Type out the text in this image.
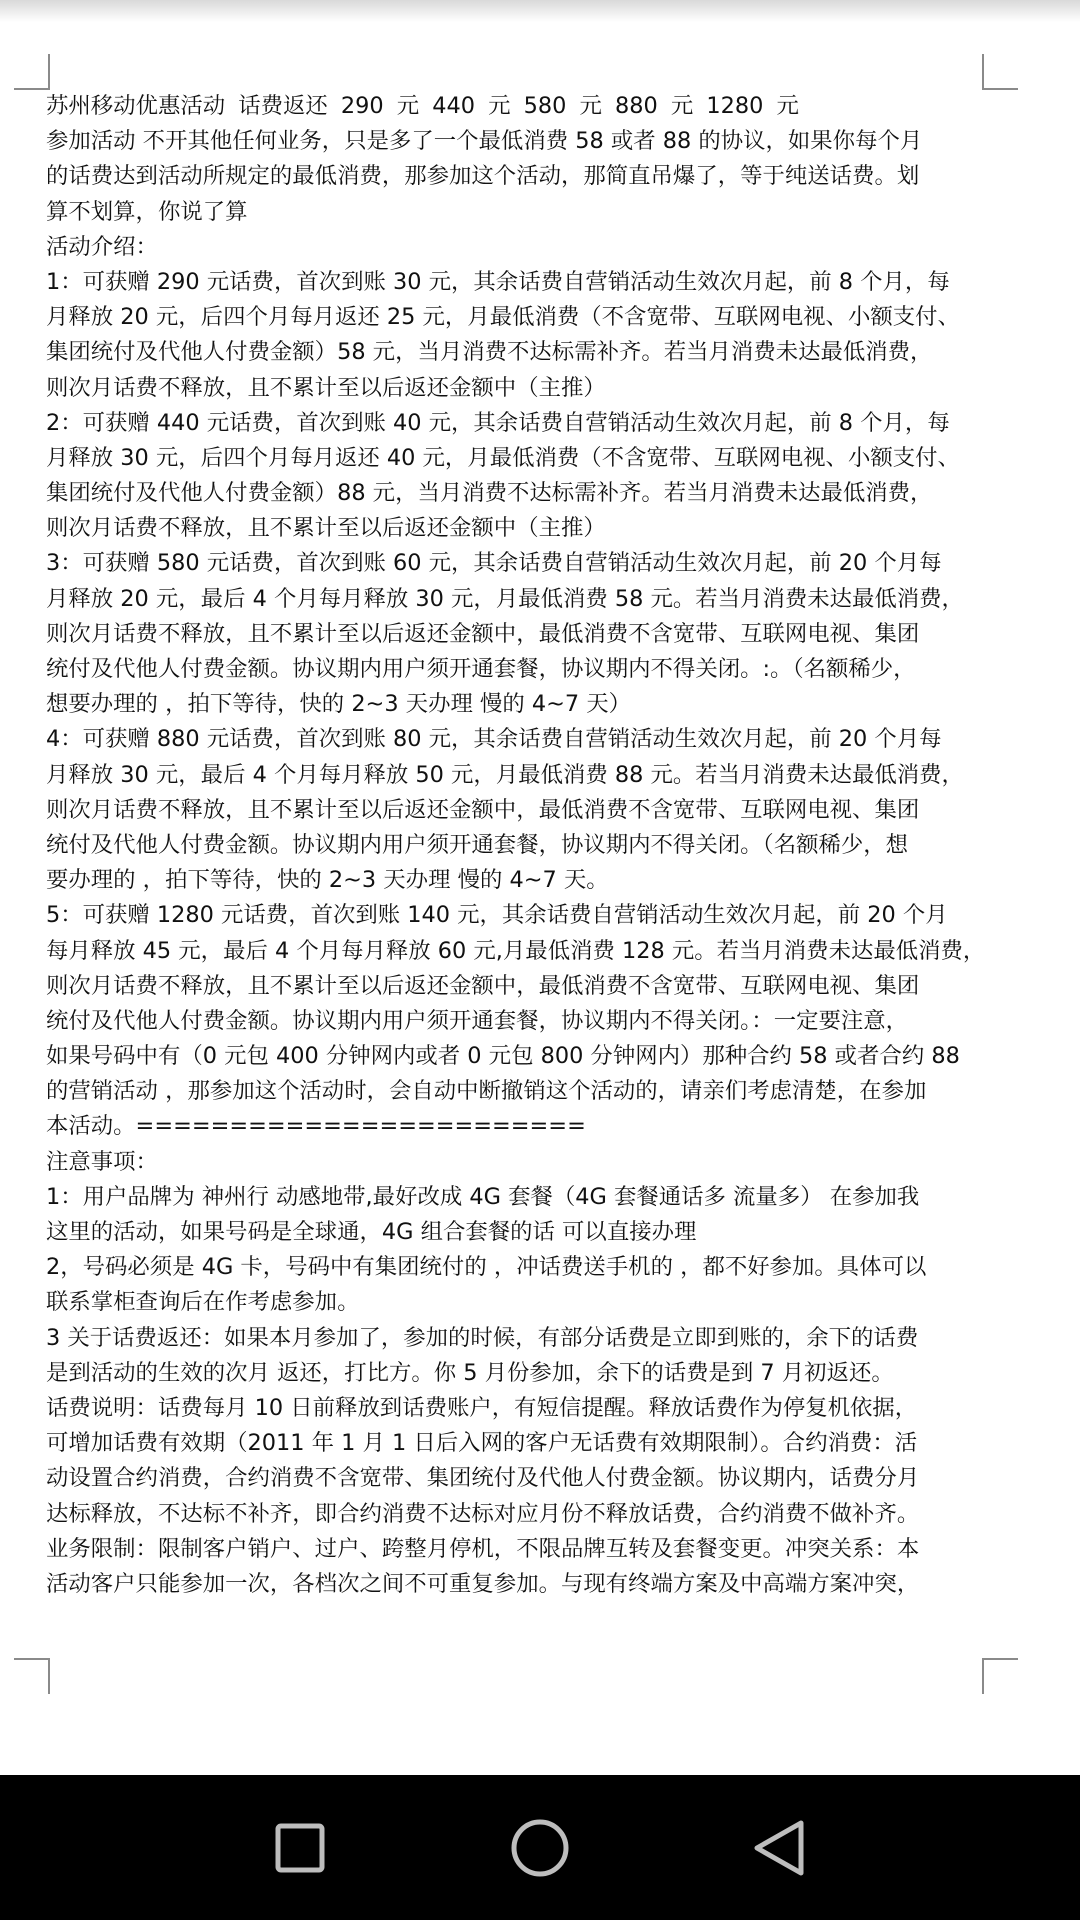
苏州移动优惠活动 话费返还 290 元 440 元 580 元 880 元 1280 元
参加活动 不开其他任何业务，只是多了一个最低消费 58 或者 88 的协议，如果你每个月
的话费达到活动所规定的最低消费，那参加这个活动，那简直吊爆了，等于纯送话费。划
算不划算，你说了算
活动介绍：
1：可获赠 290 元话费，首次到账 30 元，其余话费自营销活动生效次月起，前 8 个月，每
月释放 20 元，后四个月每月返还 25 元，月最低消费（不含宽带、互联网电视、小额支付、
集团统付及代他人付费金额）58 元，当月消费不达标需补齐。若当月消费未达最低消费，
则次月话费不释放，且不累计至以后返还金额中（主推）
2：可获赠 440 元话费，首次到账 40 元，其余话费自营销活动生效次月起，前 8 个月，每
月释放 30 元，后四个月每月返还 40 元，月最低消费（不含宽带、互联网电视、小额支付、
集团统付及代他人付费金额）88 元，当月消费不达标需补齐。若当月消费未达最低消费，
则次月话费不释放，且不累计至以后返还金额中（主推）
3：可获赠 580 元话费，首次到账 60 元，其余话费自营销活动生效次月起，前 20 个月每
月释放 20 元，最后 4 个月每月释放 30 元，月最低消费 58 元。若当月消费未达最低消费，
则次月话费不释放，且不累计至以后返还金额中，最低消费不含宽带、互联网电视、集团
统付及代他人付费金额。协议期内用户须开通套餐，协议期内不得关闭。:。（名额稀少，
想要办理的 ，拍下等待，快的 2~3 天办理 慢的 4~7 天）
4：可获赠 880 元话费，首次到账 80 元，其余话费自营销活动生效次月起，前 20 个月每
月释放 30 元，最后 4 个月每月释放 50 元，月最低消费 88 元。若当月消费未达最低消费，
则次月话费不释放，且不累计至以后返还金额中，最低消费不含宽带、互联网电视、集团
统付及代他人付费金额。协议期内用户须开通套餐，协议期内不得关闭。（名额稀少，想
要办理的 ，拍下等待，快的 2~3 天办理 慢的 4~7 天。
5：可获赠 1280 元话费，首次到账 140 元，其余话费自营销活动生效次月起，前 20 个月
每月释放 45 元，最后 4 个月每月释放 60 元,月最低消费 128 元。若当月消费未达最低消费，
则次月话费不释放，且不累计至以后返还金额中，最低消费不含宽带、互联网电视、集团
统付及代他人付费金额。协议期内用户须开通套餐，协议期内不得关闭。：一定要注意，
如果号码中有（0 元包 400 分钟网内或者 0 元包 800 分钟网内）那种合约 58 或者合约 88
的营销活动 ，那参加这个活动时，会自动中断撤销这个活动的，请亲们考虑清楚，在参加
本活动。========================
注意事项：
1：用户品牌为 神州行 动感地带,最好改成 4G 套餐（4G 套餐通话多 流量多） 在参加我
这里的活动，如果号码是全球通，4G 组合套餐的话 可以直接办理
2，号码必须是 4G 卡，号码中有集团统付的 ，冲话费送手机的 ，都不好参加。具体可以
联系掌柜查询后在作考虑参加。
3 关于话费返还：如果本月参加了，参加的时候，有部分话费是立即到账的，余下的话费
是到活动的生效的次月 返还，打比方。你 5 月份参加，余下的话费是到 7 月初返还。
话费说明：话费每月 10 日前释放到话费账户，有短信提醒。释放话费作为停复机依据，
可增加话费有效期（2011 年 1 月 1 日后入网的客户无话费有效期限制）。合约消费：活
动设置合约消费，合约消费不含宽带、集团统付及代他人付费金额。协议期内，话费分月
达标释放，不达标不补齐，即合约消费不达标对应月份不释放话费，合约消费不做补齐。
业务限制：限制客户销户、过户、跨整月停机，不限品牌互转及套餐变更。冲突关系：本
活动客户只能参加一次，各档次之间不可重复参加。与现有终端方案及中高端方案冲突，
